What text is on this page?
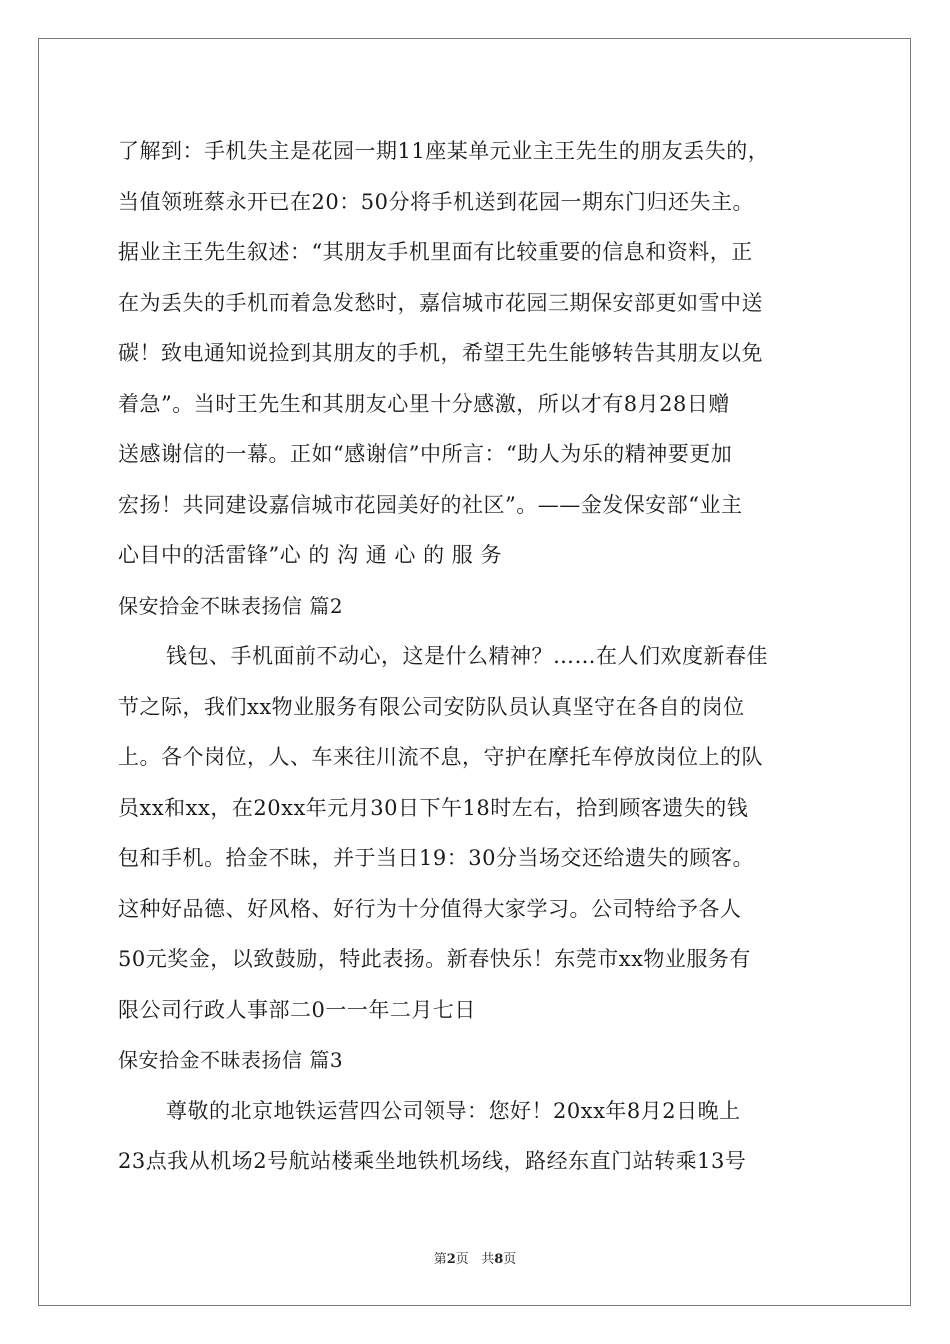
了解到：手机失主是花园一期11座某单元业主王先生的朋友丢失的，
当值领班蔡永开已在20：50分将手机送到花园一期东门归还失主。
据业主王先生叙述：“其朋友手机里面有比较重要的信息和资料，正
在为丢失的手机而着急发愁时，嘉信城市花园三期保安部更如雪中送
碳！致电通知说捡到其朋友的手机，希望王先生能够转告其朋友以免
着急”。当时王先生和其朋友心里十分感激，所以才有8月28日赠
送感谢信的一幕。正如“感谢信”中所言：“助人为乐的精神要更加
宏扬！共同建设嘉信城市花园美好的社区”。——金发保安部“业主
心目中的活雷锋”心 的 沟 通 心 的 服 务
保安拾金不昧表扬信 篇2
钱包、手机面前不动心，这是什么精神？……在人们欢度新春佳
节之际，我们xx物业服务有限公司安防队员认真坚守在各自的岗位
上。各个岗位，人、车来往川流不息，守护在摩托车停放岗位上的队
员xx和xx，在20xx年元月30日下午18时左右，拾到顾客遗失的钱
包和手机。拾金不昧，并于当日19：30分当场交还给遗失的顾客。
这种好品德、好风格、好行为十分值得大家学习。公司特给予各人
50元奖金，以致鼓励，特此表扬。新春快乐！东莞市xx物业服务有
限公司行政人事部二0一一年二月七日
保安拾金不昧表扬信 篇3
尊敬的北京地铁运营四公司领导：您好！20xx年8月2日晚上
23点我从机场2号航站楼乘坐地铁机场线，路经东直门站转乘13号
第2页   共8页
